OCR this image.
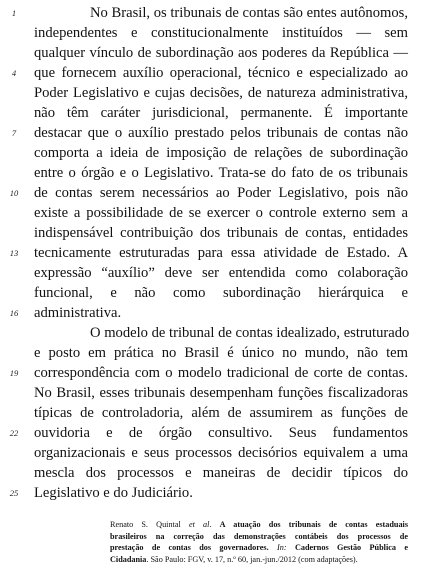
1
4
7
10
13
16
19
22
25
No Brasil, os tribunais de contas são entes autônomos,
independentes e constitucionalmente instituídos — sem
qualquer vínculo de subordinação aos poderes da República —
que fornecem auxílio operacional, técnico e especializado ao
Poder Legislativo e cujas decisões, de natureza administrativa,
não têm caráter jurisdicional, permanente. É importante
destacar que o auxílio prestado pelos tribunais de contas não
comporta a ideia de imposição de relações de subordinação
entre o órgão e o Legislativo. Trata-se do fato de os tribunais
de contas serem necessários ao Poder Legislativo, pois não
existe a possibilidade de se exercer o controle externo sem a
indispensável contribuição dos tribunais de contas, entidades
tecnicamente estruturadas para essa atividade de Estado. A
expressão “auxílio” deve ser entendida como colaboração
funcional, e não como subordinação hierárquica e
administrativa.
O modelo de tribunal de contas idealizado, estruturado
e posto em prática no Brasil é único no mundo, não tem
correspondência com o modelo tradicional de corte de contas.
No Brasil, esses tribunais desempenham funções fiscalizadoras
típicas de controladoria, além de assumirem as funções de
ouvidoria e de órgão consultivo. Seus fundamentos
organizacionais e seus processos decisórios equivalem a uma
mescla dos processos e maneiras de decidir típicos do
Legislativo e do Judiciário.
Renato S. Quintal et al. A atuação dos tribunais de contas estaduais
brasileiros na correção das demonstrações contábeis dos processos de
prestação de contas dos governadores. In: Cadernos Gestão Pública e
Cidadania. São Paulo: FGV, v. 17, n.º 60, jan.-jun./2012 (com adaptações).
